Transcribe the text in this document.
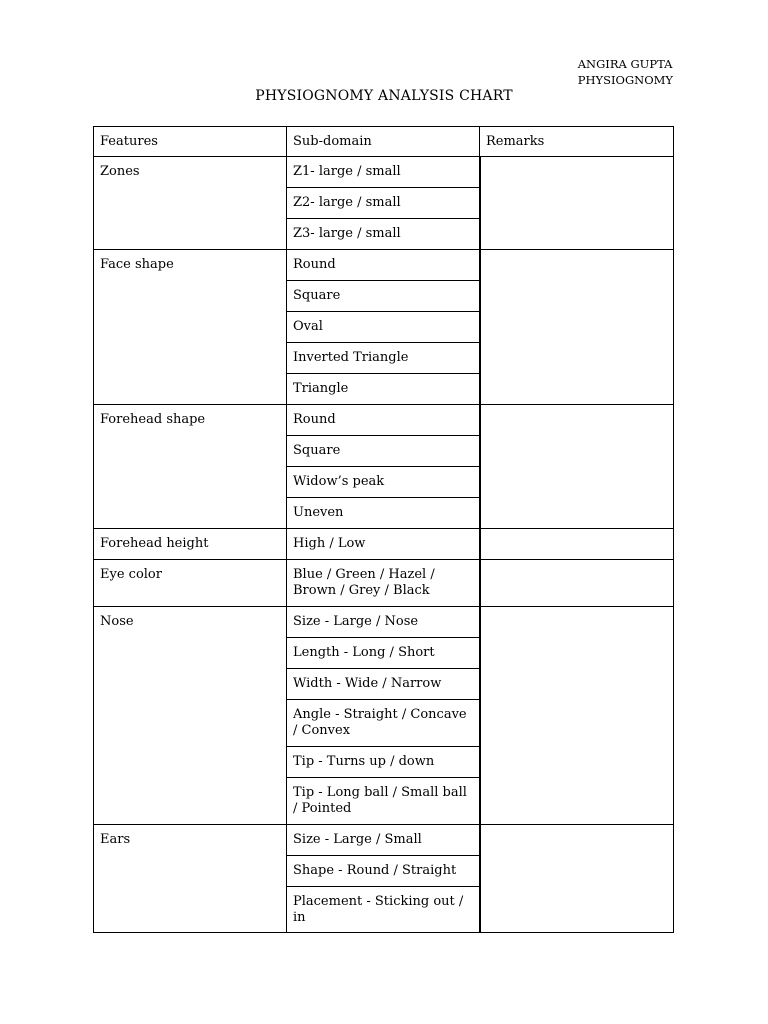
ANGIRA GUPTA
PHYSIOGNOMY
PHYSIOGNOMY ANALYSIS CHART
Features	Sub-domain	Remarks
Zones	Z1- large / small	
	Z2- large / small	
	Z3- large / small	
Face shape	Round	
	Square	
	Oval	
	Inverted Triangle	
	Triangle	
Forehead shape	Round	
	Square	
	Widow’s peak	
	Uneven	
Forehead height	High / Low	
Eye color	Blue / Green / Hazel / Brown / Grey / Black	
Nose	Size - Large / Nose	
	Length - Long / Short	
	Width - Wide / Narrow	
	Angle - Straight / Concave / Convex	
	Tip - Turns up / down	
	Tip - Long ball / Small ball / Pointed	
Ears	Size - Large / Small	
	Shape - Round / Straight	
	Placement - Sticking out / in	
